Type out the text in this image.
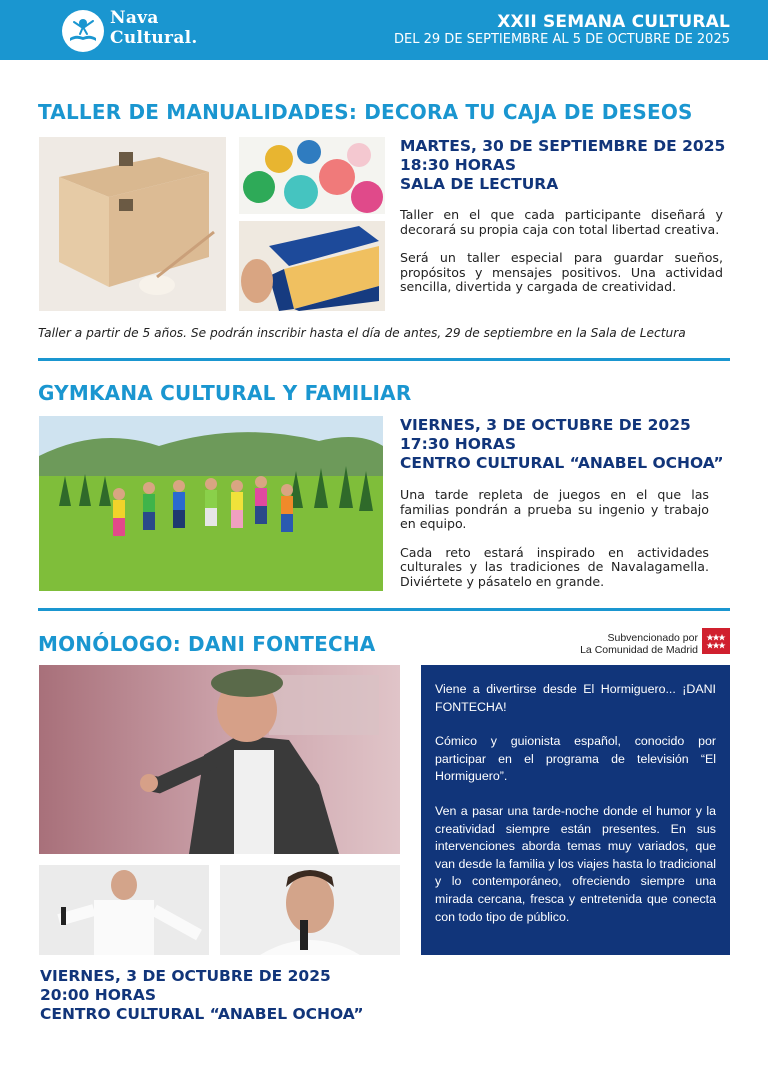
Nava
Cultural.
XXII SEMANA CULTURAL
DEL 29 DE SEPTIEMBRE AL 5 DE OCTUBRE DE 2025
TALLER DE MANUALIDADES: DECORA TU CAJA DE DESEOS
MARTES, 30 DE SEPTIEMBRE DE 2025
18:30 HORAS
SALA DE LECTURA

Taller en el que cada participante diseñará y decorará su propia caja con total libertad creativa.

Será un taller especial para guardar sueños, propósitos y mensajes positivos. Una actividad sencilla, divertida y cargada de creatividad.

Taller a partir de 5 años. Se podrán inscribir hasta el día de antes, 29 de septiembre en la Sala de Lectura
GYMKANA CULTURAL Y FAMILIAR
VIERNES, 3 DE OCTUBRE DE 2025
17:30 HORAS
CENTRO CULTURAL “ANABEL OCHOA”

Una tarde repleta de juegos en el que las familias pondrán a prueba su ingenio y trabajo en equipo.

Cada reto estará inspirado en actividades culturales y las tradiciones de Navalagamella. Diviértete y pásatelo en grande.

MONÓLOGO: DANI FONTECHA	Subvencionado por
La Comunidad de Madrid

Viene a divertirse desde El Hormiguero... ¡DANI FONTECHA!

Cómico y guionista español, conocido por participar en el programa de televisión “El Hormiguero”.

Ven a pasar una tarde-noche donde el humor y la creatividad siempre están presentes. En sus intervenciones aborda temas muy variados, que van desde la familia y los viajes hasta lo tradicional y lo contemporáneo, ofreciendo siempre una mirada cercana, fresca y entretenida que conecta con todo tipo de público.

VIERNES, 3 DE OCTUBRE DE 2025
20:00 HORAS
CENTRO CULTURAL “ANABEL OCHOA”
